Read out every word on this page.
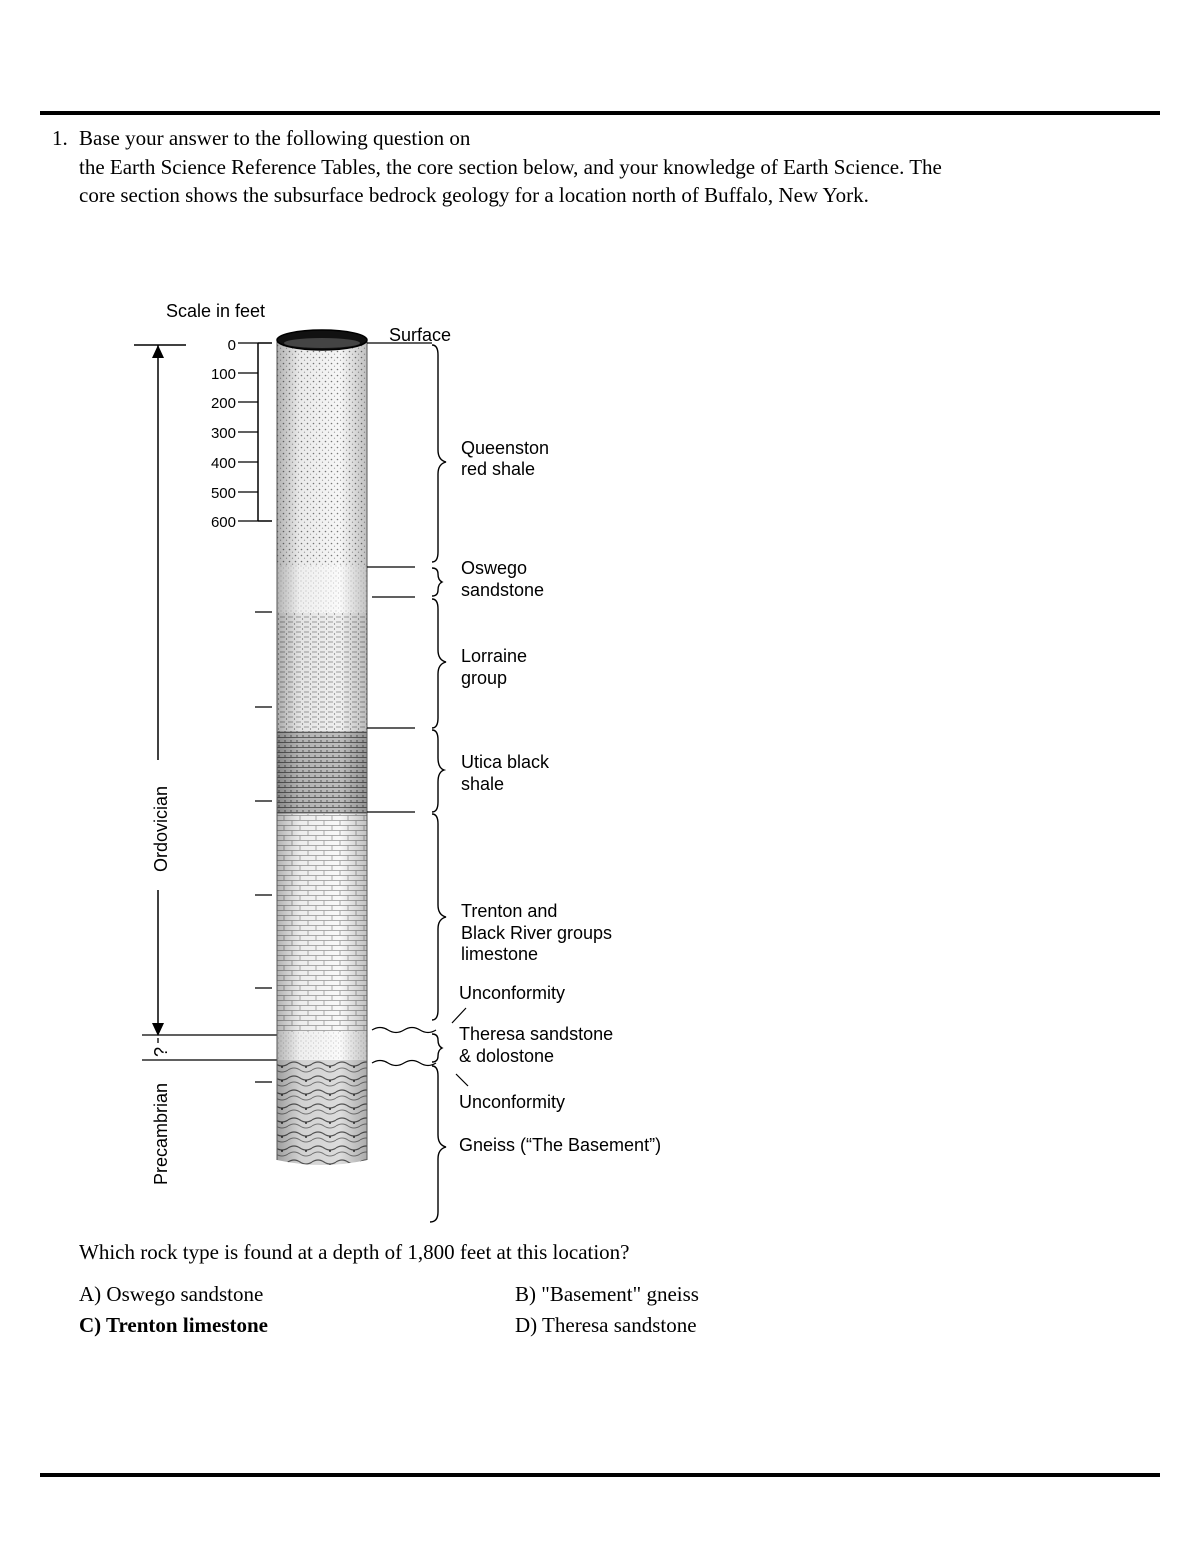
1. Base your answer to the following question on
the Earth Science Reference Tables, the core section below, and your knowledge of Earth Science. The
core section shows the subsurface bedrock geology for a location north of Buffalo, New York.
Scale in feet
0
100
200
300
400
500
600
Ordovician
?
Precambrian
Surface
Queenston
red shale
Oswego
sandstone
Lorraine
group
Utica black
shale
Trenton and
Black River groups
limestone
Unconformity
Theresa sandstone
& dolostone
Unconformity
Gneiss (“The Basement”)
Which rock type is found at a depth of 1,800 feet at this location?
A) Oswego sandstone	B) "Basement" gneiss
C) Trenton limestone	D) Theresa sandstone
